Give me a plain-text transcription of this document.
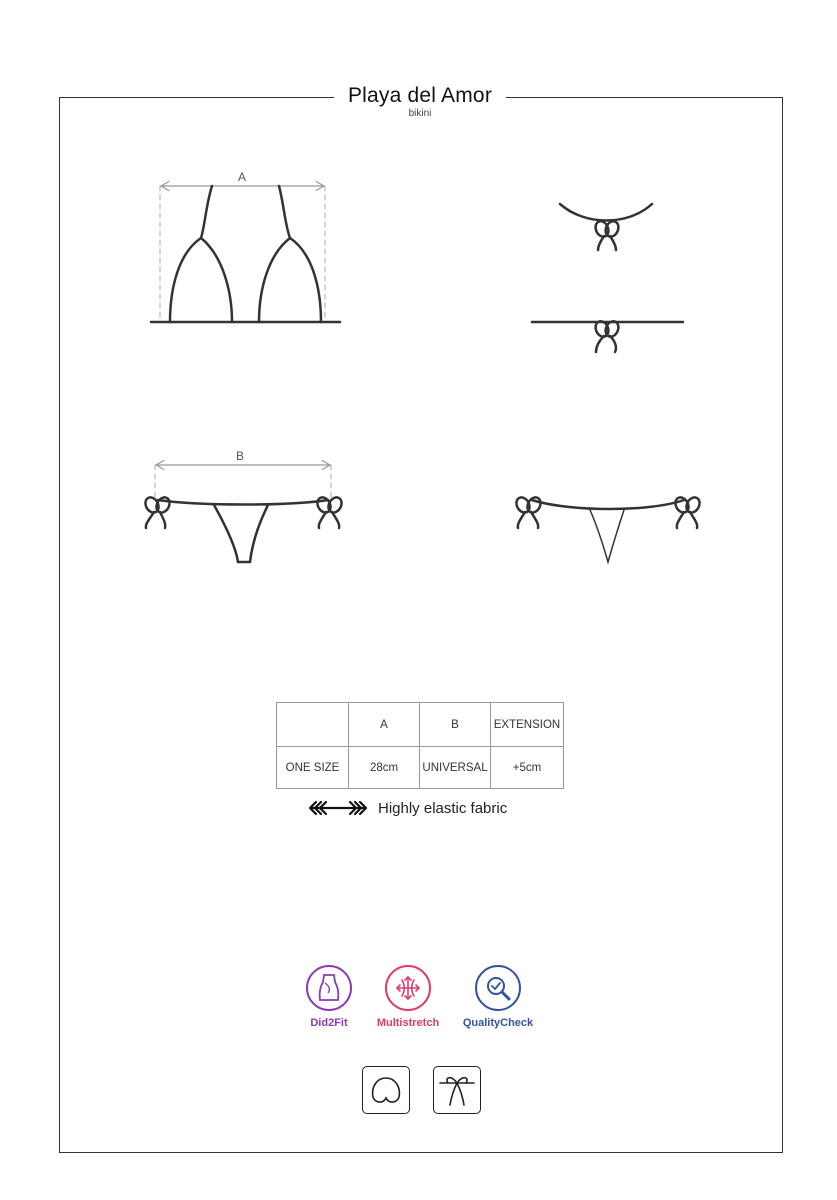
Playa del Amor
bikini
A
B
	A	B	EXTENSION
ONE SIZE	28cm	UNIVERSAL	+5cm
Highly elastic fabric
Did2Fit	Multistretch	QualityCheck
